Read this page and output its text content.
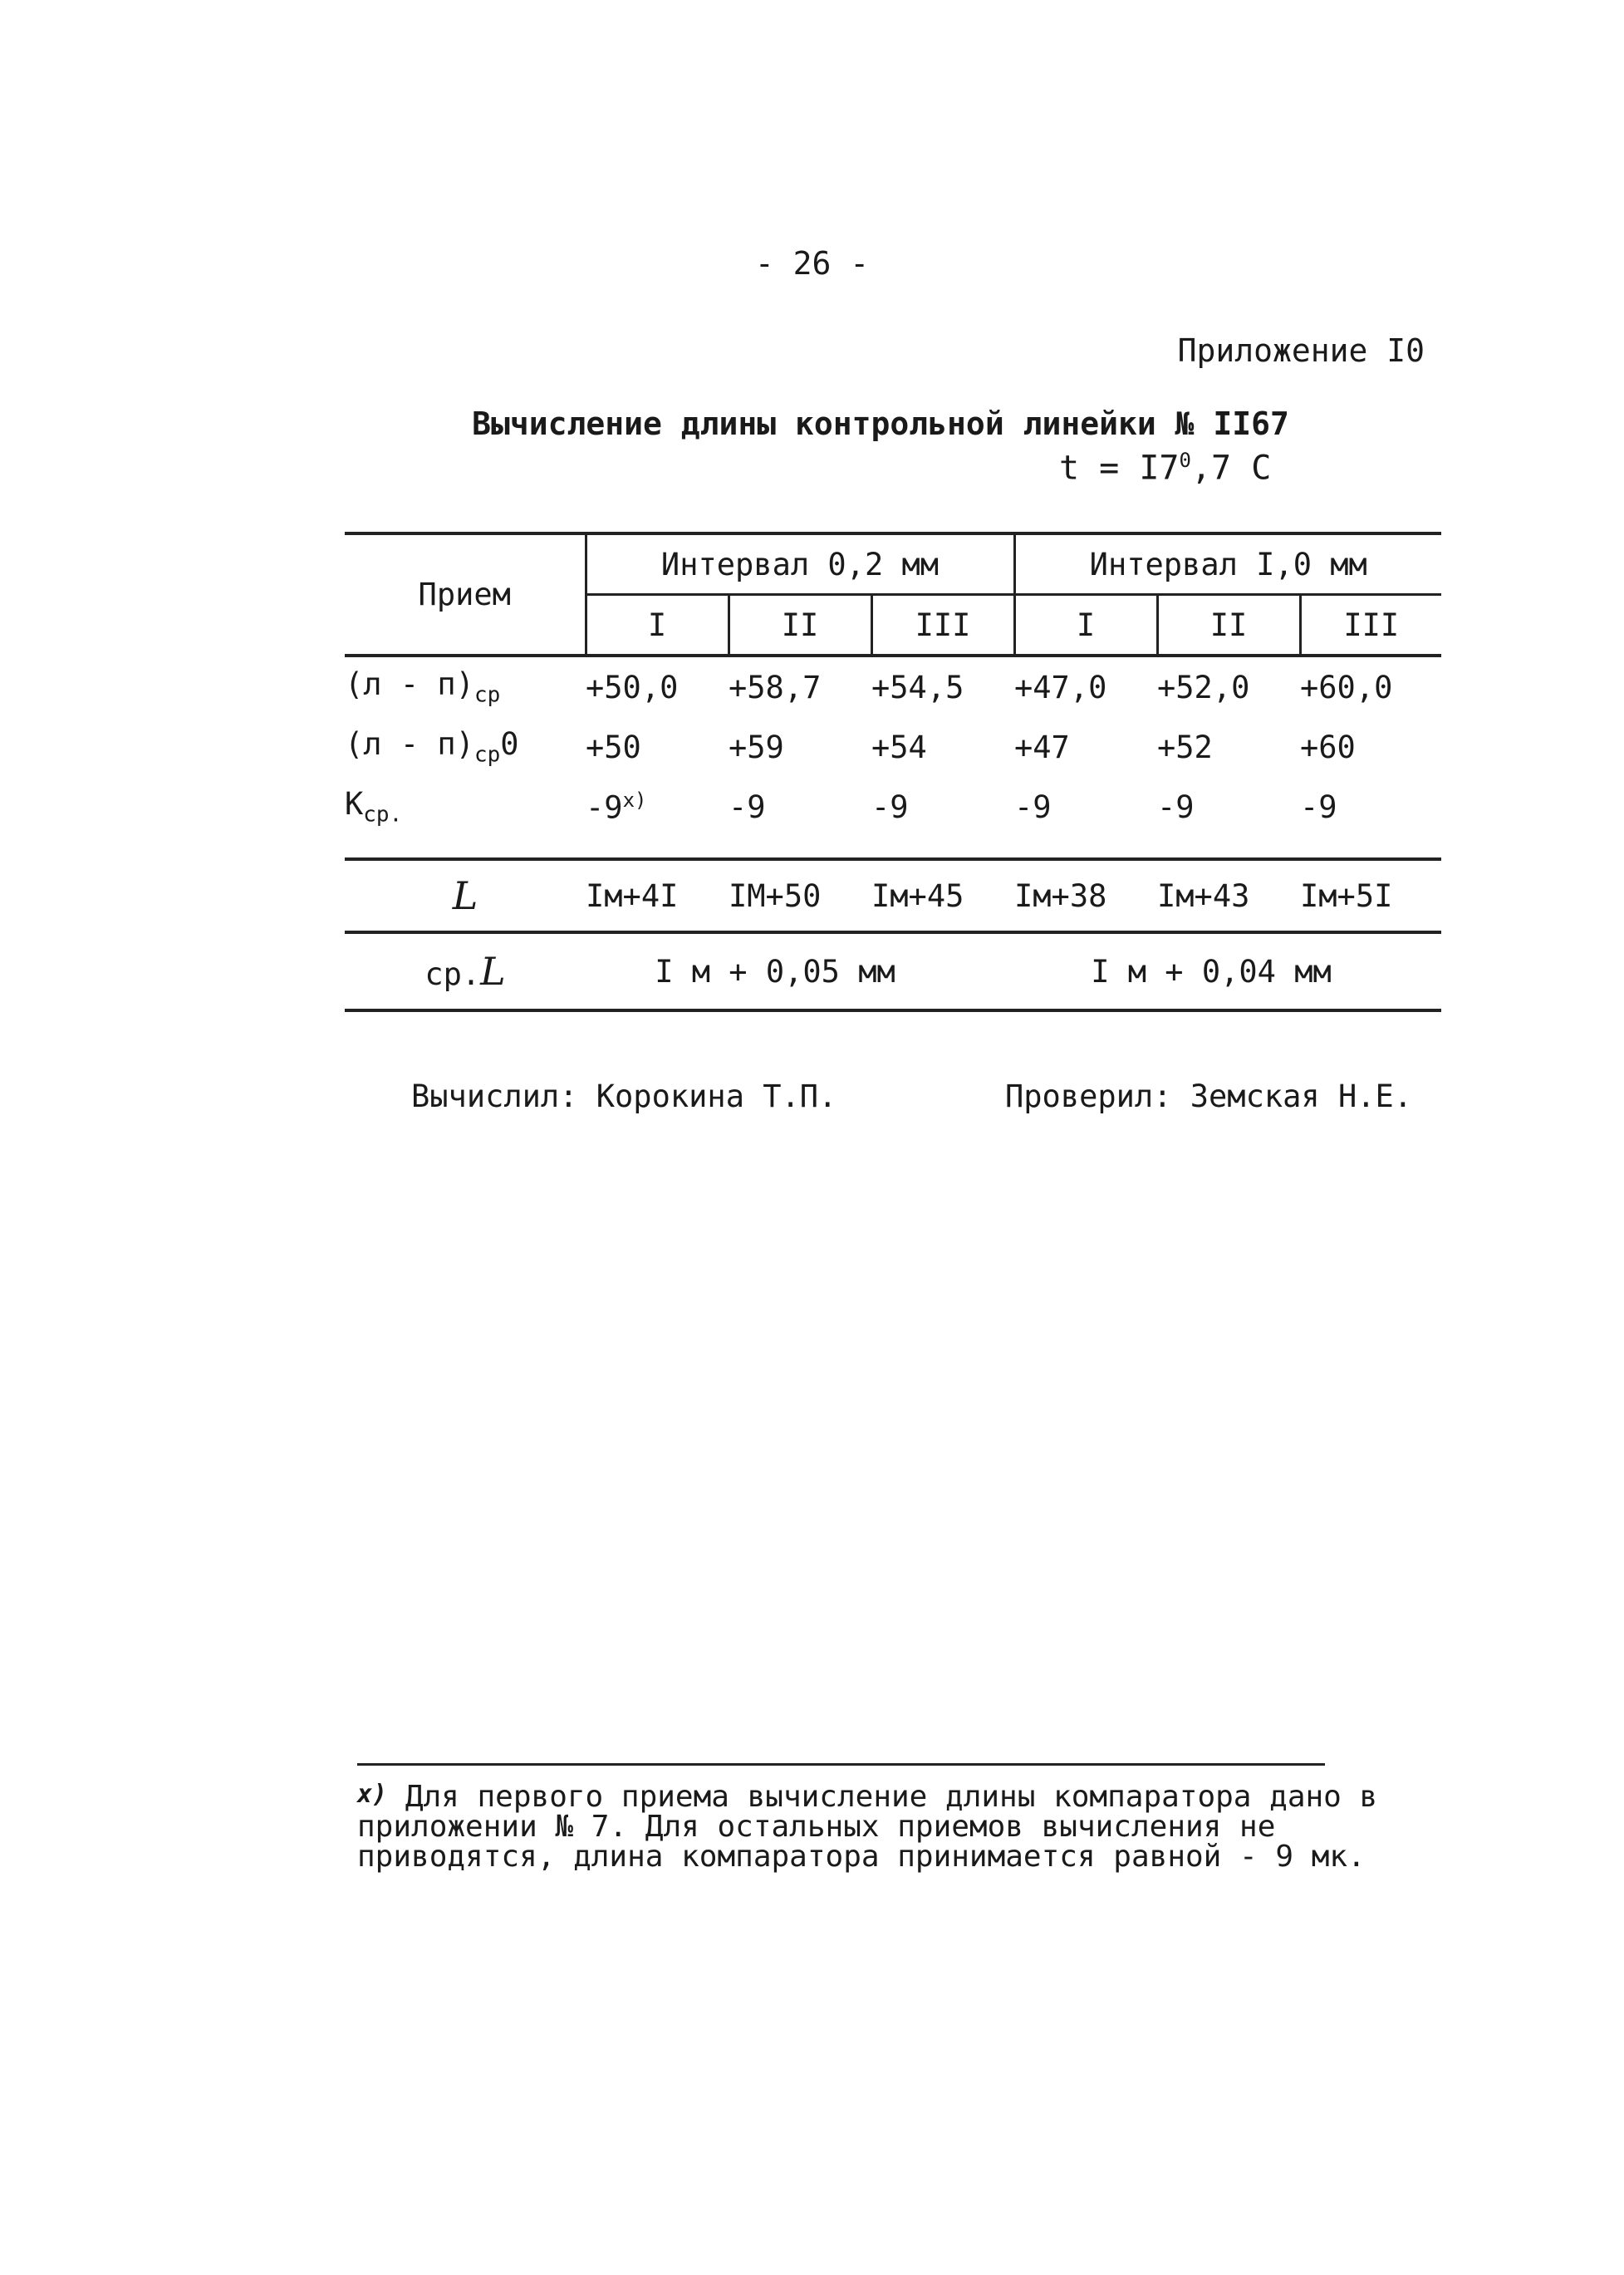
- 26 -
Приложение I0
Вычисление длины контрольной линейки № II67
$t = I7^0,7$ C
Прием	Интервал 0,2 мм			Интервал I,0 мм		
	I	II	III	I	II	III
$(л - п)_{ср}$	+50,0	+58,7	+54,5	+47,0	+52,0	+60,0
$(л - п)_{ср}0$	+50	+59	+54	+47	+52	+60
$K_{ср.}$	-9$^{x)}$	-9	-9	-9	-9	-9
L	Iм+4I	IМ+50	Iм+45	Iм+38	Iм+43	Iм+5I
ср.L	I м + 0,05 мм			I м + 0,04 мм		
Вычислил: Корокина Т.П.	Проверил: Земская Н.Е.
$^{x)}$ Для первого приема вычисление длины компаратора дано в приложении № 7. Для остальных приемов вычисления не приводятся, длина компаратора принимается равной - 9 мк.
